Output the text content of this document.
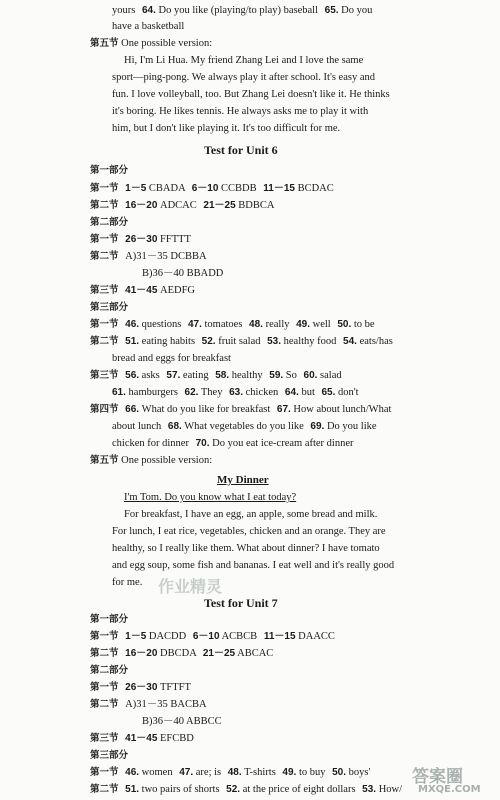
yours 64. Do you like (playing/to play) baseball 65. Do you
have a basketball
第五节 One possible version:
Hi, I'm Li Hua. My friend Zhang Lei and I love the same
sport—ping-pong. We always play it after school. It's easy and
fun. I love volleyball, too. But Zhang Lei doesn't like it. He thinks
it's boring. He likes tennis. He always asks me to play it with
him, but I don't like playing it. It's too difficult for me.
Test for Unit 6
第一部分
第一节 1－5 CBADA 6－10 CCBDB 11－15 BCDAC
第二节 16－20 ADCAC 21－25 BDBCA
第二部分
第一节 26－30 FFTTT
第二节 A)31－35 DCBBA
B)36－40 BBADD
第三节 41－45 AEDFG
第三部分
第一节 46. questions 47. tomatoes 48. really 49. well 50. to be
第二节 51. eating habits 52. fruit salad 53. healthy food 54. eats/has
bread and eggs for breakfast
第三节 56. asks 57. eating 58. healthy 59. So 60. salad
61. hamburgers 62. They 63. chicken 64. but 65. don't
第四节 66. What do you like for breakfast 67. How about lunch/What
about lunch 68. What vegetables do you like 69. Do you like
chicken for dinner 70. Do you eat ice-cream after dinner
第五节 One possible version:
My Dinner
I'm Tom. Do you know what I eat today?
For breakfast, I have an egg, an apple, some bread and milk.
For lunch, I eat rice, vegetables, chicken and an orange. They are
healthy, so I really like them. What about dinner? I have tomato
and egg soup, some fish and bananas. I eat well and it's really good
for me. 作业精灵
Test for Unit 7
第一部分
第一节 1－5 DACDD 6－10 ACBCB 11－15 DAACC
第二节 16－20 DBCDA 21－25 ABCAC
第二部分
第一节 26－30 TFTFT
第二节 A)31－35 BACBA
B)36－40 ABBCC
第三节 41－45 EFCBD
第三部分
第一节 46. women 47. are; is 48. T-shirts 49. to buy 50. boys'
第二节 51. two pairs of shorts 52. at the price of eight dollars 53. How/
答案圈
MXQE.COM
